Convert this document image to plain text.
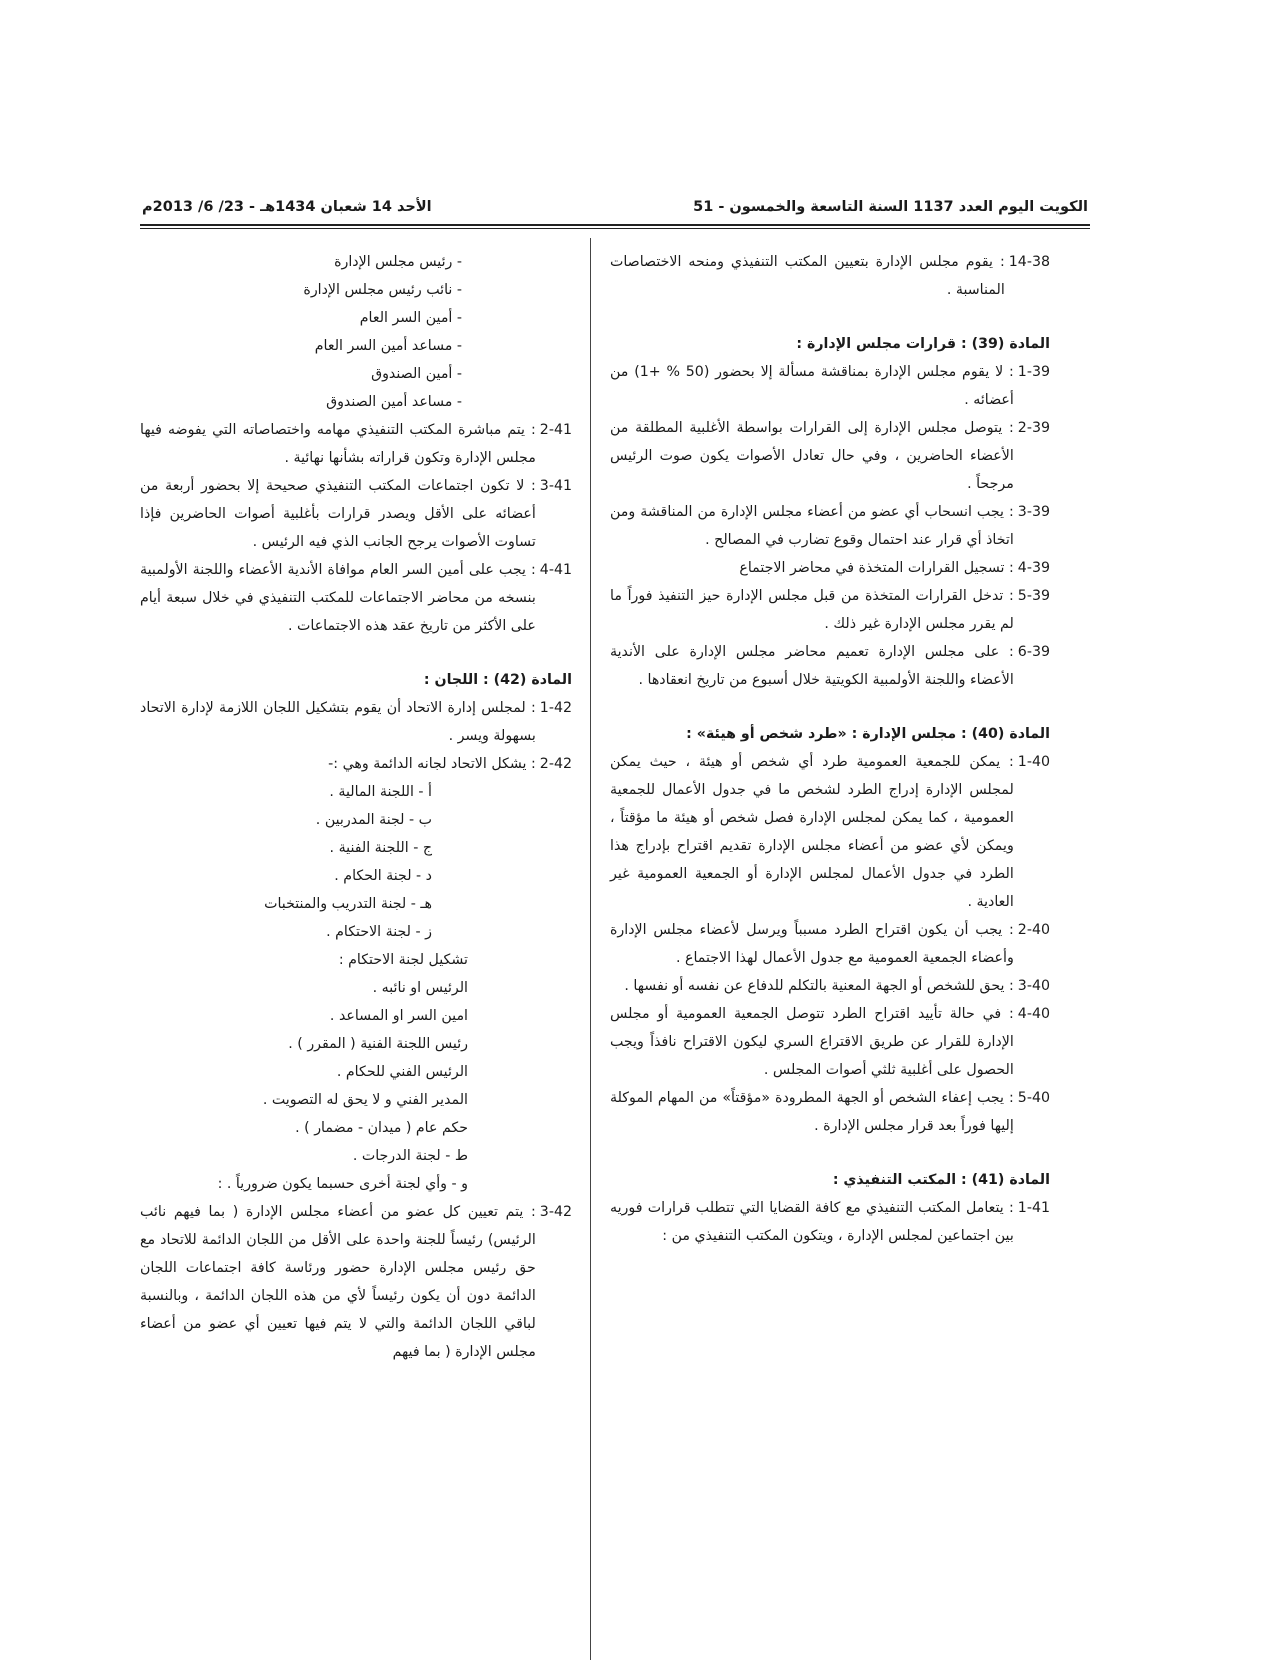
الكويت اليوم العدد 1137 السنة التاسعة والخمسون - 51
الأحد 14 شعبان 1434هـ - 23/ 6/ 2013م
14-38
: يقوم مجلس الإدارة بتعيين المكتب التنفيذي ومنحه الاختصاصات المناسبة .

المادة (39) : قرارات مجلس الإدارة :

1-39
: لا يقوم مجلس الإدارة بمناقشة مسألة إلا بحضور (50 % +1) من أعضائه .
2-39
: يتوصل مجلس الإدارة إلى القرارات بواسطة الأغلبية المطلقة من الأعضاء الحاضرين ، وفي حال تعادل الأصوات يكون صوت الرئيس مرجحاً .
3-39
: يجب انسحاب أي عضو من أعضاء مجلس الإدارة من المناقشة ومن اتخاذ أي قرار عند احتمال وقوع تضارب في المصالح .
4-39
: تسجيل القرارات المتخذة في محاضر الاجتماع
5-39
: تدخل القرارات المتخذة من قبل مجلس الإدارة حيز التنفيذ فوراً ما لم يقرر مجلس الإدارة غير ذلك .
6-39
: على مجلس الإدارة تعميم محاضر مجلس الإدارة على الأندية الأعضاء واللجنة الأولمبية الكويتية خلال أسبوع من تاريخ انعقادها .

المادة (40) : مجلس الإدارة : «طرد شخص أو هيئة» :

1-40
: يمكن للجمعية العمومية طرد أي شخص أو هيئة ، حيث يمكن لمجلس الإدارة إدراج الطرد لشخص ما في جدول الأعمال للجمعية العمومية ، كما يمكن لمجلس الإدارة فصل شخص أو هيئة ما مؤقتاً ، ويمكن لأي عضو من أعضاء مجلس الإدارة تقديم اقتراح بإدراج هذا الطرد في جدول الأعمال لمجلس الإدارة أو الجمعية العمومية غير العادية .
2-40
: يجب أن يكون اقتراح الطرد مسبباً ويرسل لأعضاء مجلس الإدارة وأعضاء الجمعية العمومية مع جدول الأعمال لهذا الاجتماع .
3-40
: يحق للشخص أو الجهة المعنية بالتكلم للدفاع عن نفسه أو نفسها .
4-40
: في حالة تأييد اقتراح الطرد تتوصل الجمعية العمومية أو مجلس الإدارة للقرار عن طريق الاقتراع السري ليكون الاقتراح نافذاً ويجب الحصول على أغلبية ثلثي أصوات المجلس .
5-40
: يجب إعفاء الشخص أو الجهة المطرودة «مؤقتاً» من المهام الموكلة إليها فوراً بعد قرار مجلس الإدارة .

المادة (41) : المكتب التنفيذي :

1-41
: يتعامل المكتب التنفيذي مع كافة القضايا التي تتطلب قرارات فوريه بين اجتماعين لمجلس الإدارة ، ويتكون المكتب التنفيذي من :

- رئيس مجلس الإدارة

- نائب رئيس مجلس الإدارة

- أمين السر العام

- مساعد أمين السر العام

- أمين الصندوق

- مساعد أمين الصندوق

2-41
: يتم مباشرة المكتب التنفيذي مهامه واختصاصاته التي يفوضه فيها مجلس الإدارة وتكون قراراته بشأنها نهائية .
3-41
: لا تكون اجتماعات المكتب التنفيذي صحيحة إلا بحضور أربعة من أعضائه على الأقل ويصدر قرارات بأغلبية أصوات الحاضرين فإذا تساوت الأصوات يرجح الجانب الذي فيه الرئيس .
4-41
: يجب على أمين السر العام موافاة الأندية الأعضاء واللجنة الأولمبية بنسخه من محاضر الاجتماعات للمكتب التنفيذي في خلال سبعة أيام على الأكثر من تاريخ عقد هذه الاجتماعات .

المادة (42) : اللجان :

1-42
: لمجلس إدارة الاتحاد أن يقوم بتشكيل اللجان اللازمة لإدارة الاتحاد بسهولة ويسر .
2-42
: يشكل الاتحاد لجانه الدائمة وهي :-

أ - اللجنة المالية .

ب - لجنة المدربين .

ج - اللجنة الفنية .

د - لجنة الحكام .

هـ - لجنة التدريب والمنتخبات

ز - لجنة الاحتكام .

تشكيل لجنة الاحتكام :

الرئيس او نائبه .

امين السر او المساعد .

رئيس اللجنة الفنية ( المقرر ) .

الرئيس الفني للحكام .

المدير الفني و لا يحق له التصويت .

حكم عام ( ميدان - مضمار ) .

ط - لجنة الدرجات .

و - وأي لجنة أخرى حسبما يكون ضرورياً . :

3-42
: يتم تعيين كل عضو من أعضاء مجلس الإدارة ( بما فيهم نائب الرئيس) رئيساً للجنة واحدة على الأقل من اللجان الدائمة للاتحاد مع حق رئيس مجلس الإدارة حضور ورئاسة كافة اجتماعات اللجان الدائمة دون أن يكون رئيساً لأي من هذه اللجان الدائمة ، وبالنسبة لباقي اللجان الدائمة والتي لا يتم فيها تعيين أي عضو من أعضاء مجلس الإدارة ( بما فيهم
